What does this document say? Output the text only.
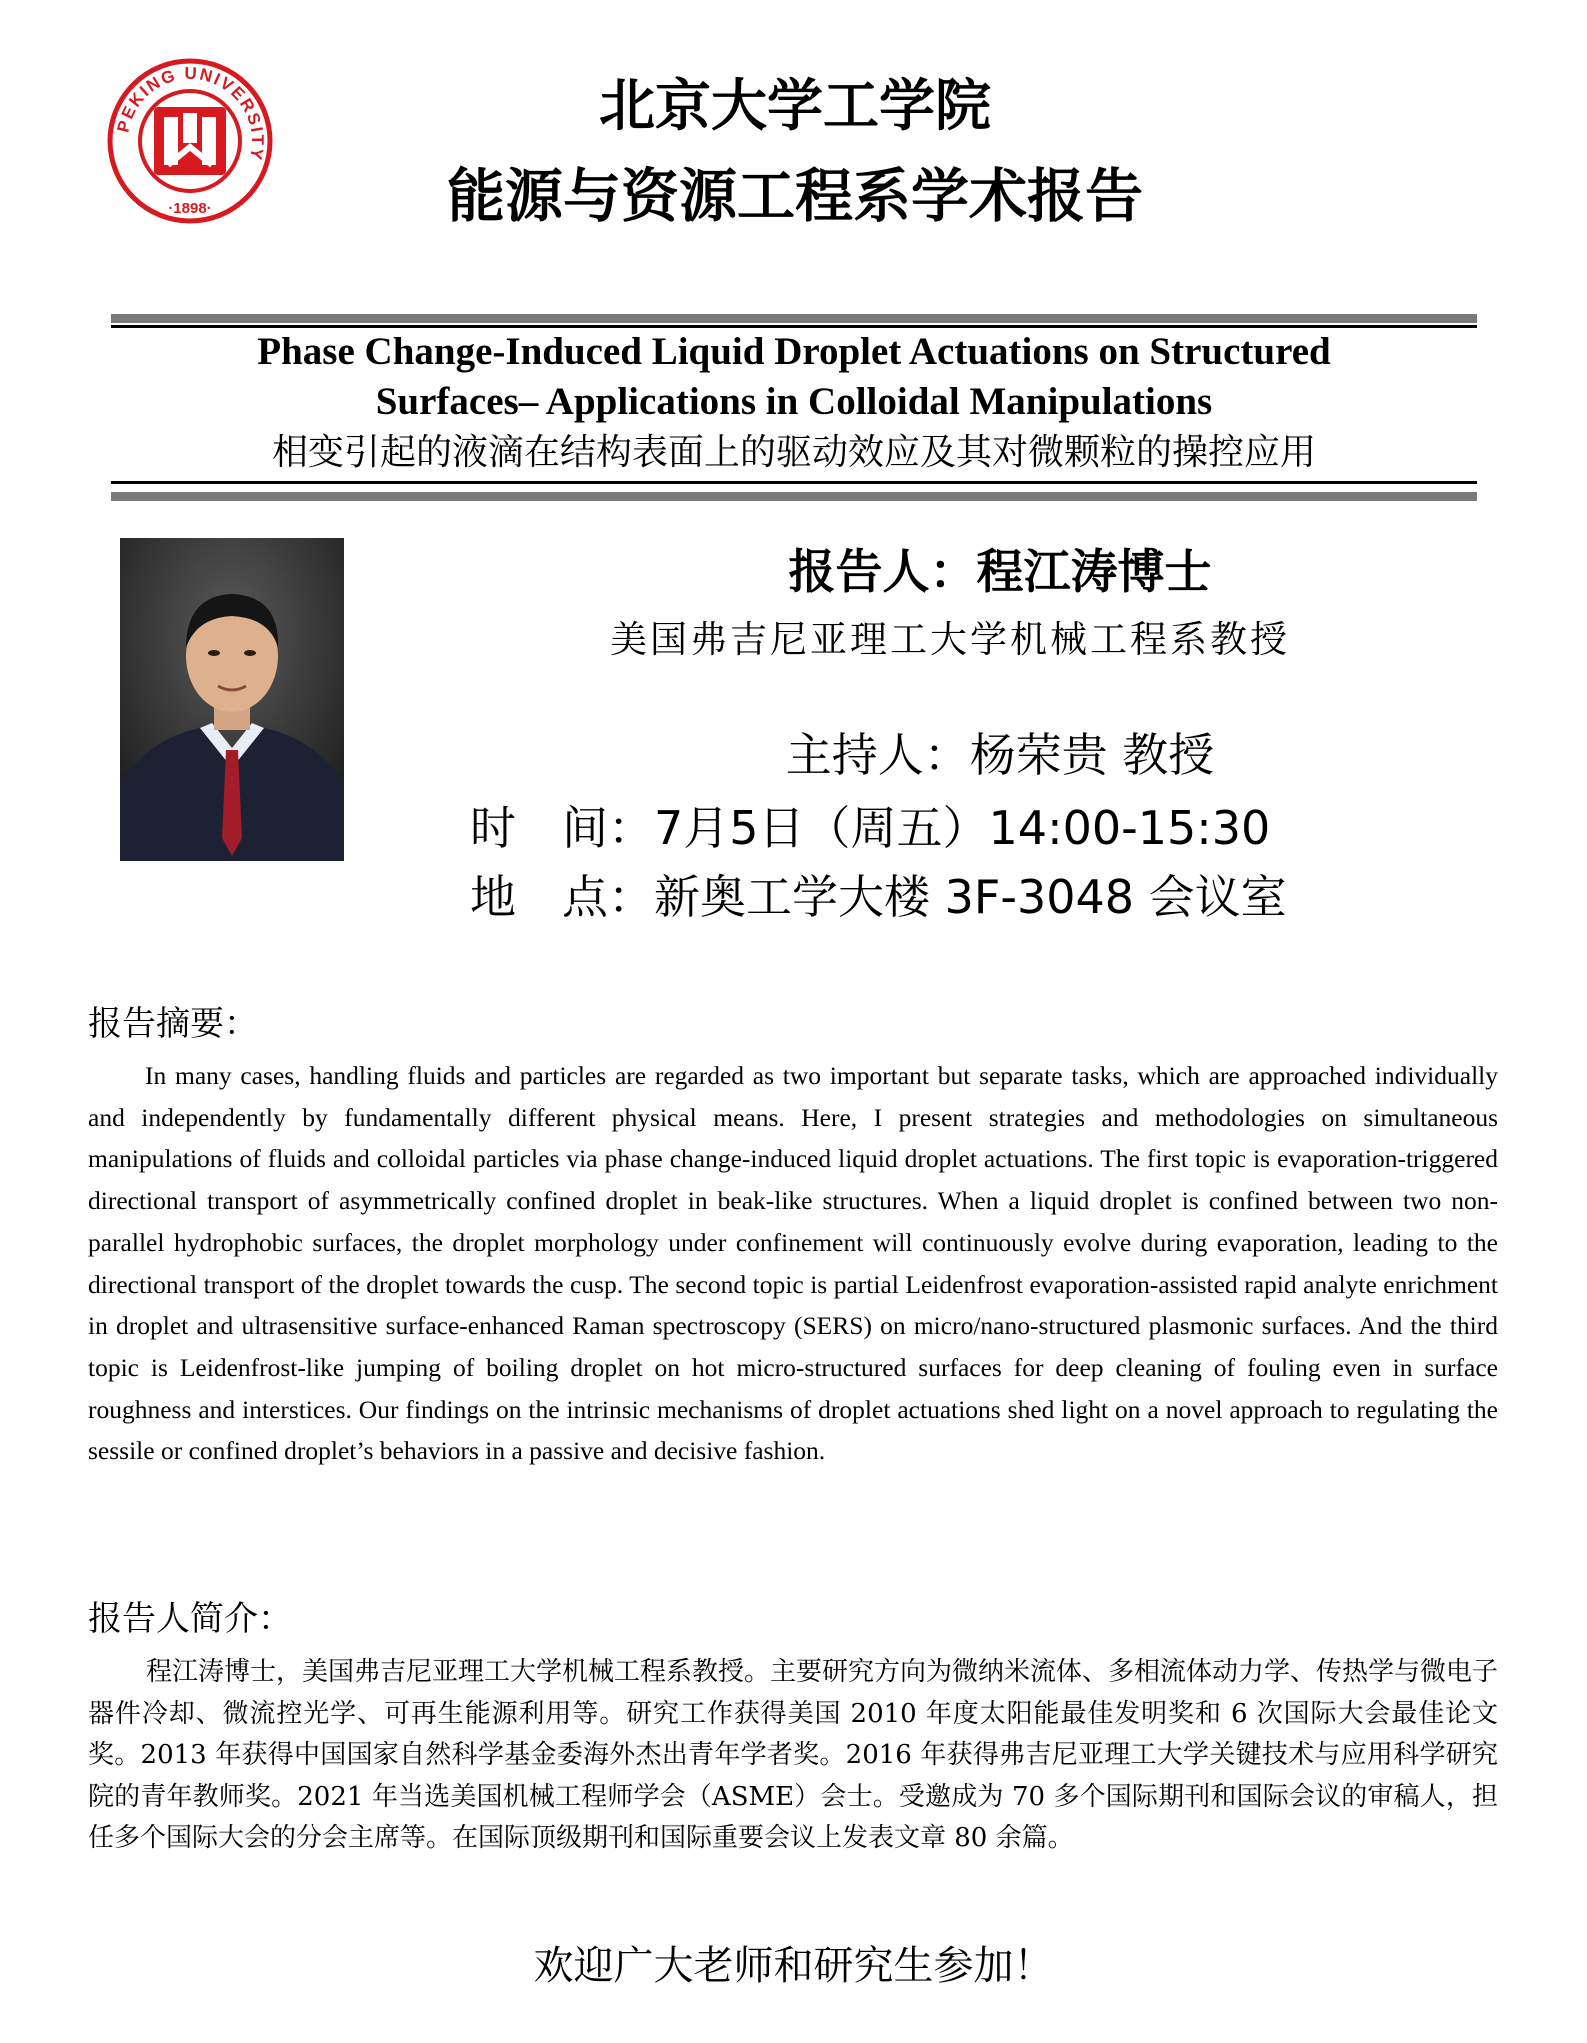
PEKING UNIVERSITY
·1898·
北京大学工学院
能源与资源工程系学术报告
Phase Change-Induced Liquid Droplet Actuations on Structured
Surfaces– Applications in Colloidal Manipulations
相变引起的液滴在结构表面上的驱动效应及其对微颗粒的操控应用
报告人：程江涛博士
美国弗吉尼亚理工大学机械工程系教授
主持人：杨荣贵 教授
时　间：7月5日（周五）14:00-15:30
地　点：新奥工学大楼 3F-3048 会议室
报告摘要：
In many cases, handling fluids and particles are regarded as two important but separate tasks, which are approached individually and independently by fundamentally different physical means. Here, I present strategies and methodologies on simultaneous manipulations of fluids and colloidal particles via phase change-induced liquid droplet actuations. The first topic is evaporation-triggered directional transport of asymmetrically confined droplet in beak-like structures. When a liquid droplet is confined between two non-parallel hydrophobic surfaces, the droplet morphology under confinement will continuously evolve during evaporation, leading to the directional transport of the droplet towards the cusp. The second topic is partial Leidenfrost evaporation-assisted rapid analyte enrichment in droplet and ultrasensitive surface-enhanced Raman spectroscopy (SERS) on micro/nano-structured plasmonic surfaces. And the third topic is Leidenfrost-like jumping of boiling droplet on hot micro-structured surfaces for deep cleaning of fouling even in surface roughness and interstices. Our findings on the intrinsic mechanisms of droplet actuations shed light on a novel approach to regulating the sessile or confined droplet’s behaviors in a passive and decisive fashion.
报告人简介：
程江涛博士，美国弗吉尼亚理工大学机械工程系教授。主要研究方向为微纳米流体、多相流体动力学、传热学与微电子器件冷却、微流控光学、可再生能源利用等。研究工作获得美国 2010 年度太阳能最佳发明奖和 6 次国际大会最佳论文奖。2013 年获得中国国家自然科学基金委海外杰出青年学者奖。2016 年获得弗吉尼亚理工大学关键技术与应用科学研究院的青年教师奖。2021 年当选美国机械工程师学会（ASME）会士。受邀成为 70 多个国际期刊和国际会议的审稿人，担任多个国际大会的分会主席等。在国际顶级期刊和国际重要会议上发表文章 80 余篇。
欢迎广大老师和研究生参加！
